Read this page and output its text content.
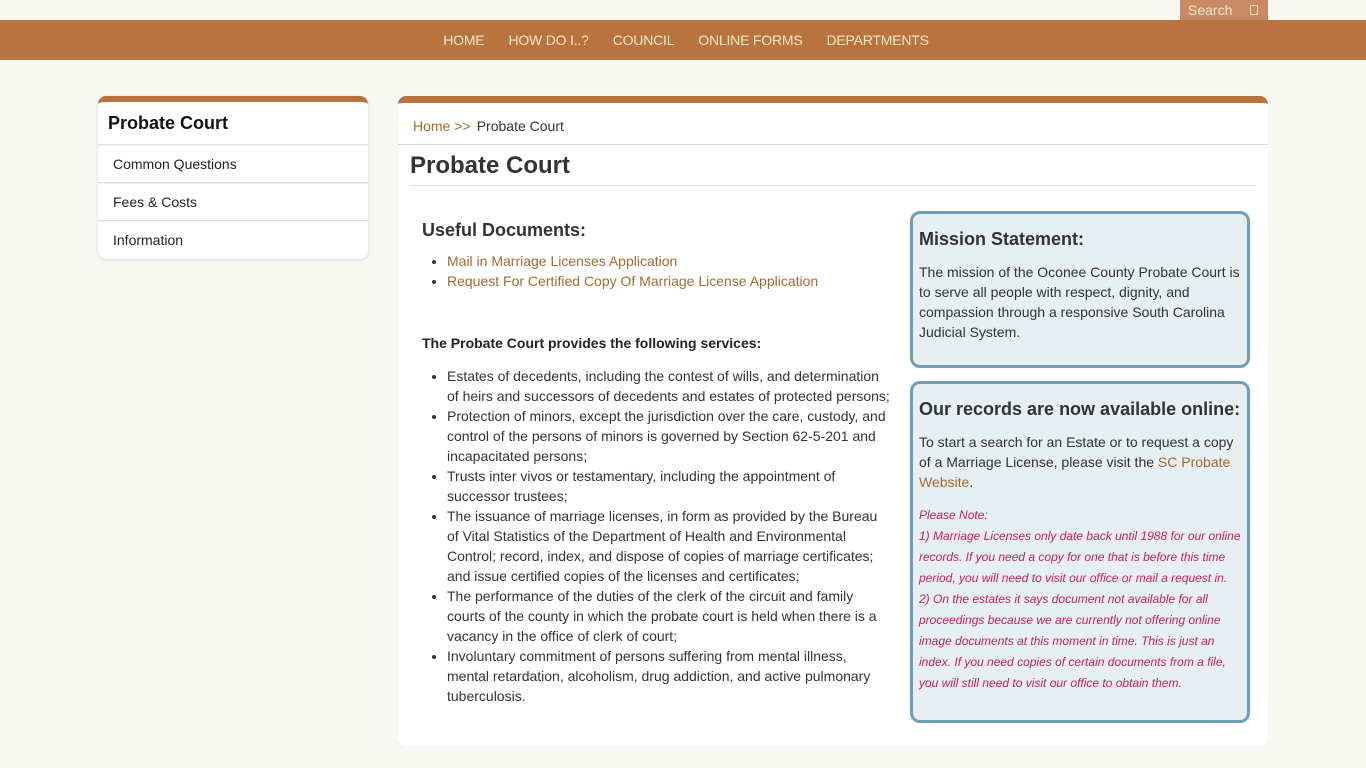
Search
HOME	HOW DO I..?	COUNCIL	ONLINE FORMS	DEPARTMENTS
Probate Court
Common Questions
Fees & Costs
Information
Home >> Probate Court
Probate Court
Useful Documents:
• Mail in Marriage Licenses Application
• Request For Certified Copy Of Marriage License Application

The Probate Court provides the following services:

• Estates of decedents, including the contest of wills, and determination of heirs and successors of decedents and estates of protected persons;
• Protection of minors, except the jurisdiction over the care, custody, and control of the persons of minors is governed by Section 62-5-201 and incapacitated persons;
• Trusts inter vivos or testamentary, including the appointment of successor trustees;
• The issuance of marriage licenses, in form as provided by the Bureau of Vital Statistics of the Department of Health and Environmental Control; record, index, and dispose of copies of marriage certificates; and issue certified copies of the licenses and certificates;
• The performance of the duties of the clerk of the circuit and family courts of the county in which the probate court is held when there is a vacancy in the office of clerk of court;
• Involuntary commitment of persons suffering from mental illness, mental retardation, alcoholism, drug addiction, and active pulmonary tuberculosis.
Mission Statement:

The mission of the Oconee County Probate Court is to serve all people with respect, dignity, and compassion through a responsive South Carolina Judicial System.

Our records are now available online:

To start a search for an Estate or to request a copy of a Marriage License, please visit the SC Probate Website.

Please Note:
1) Marriage Licenses only date back until 1988 for our online records. If you need a copy for one that is before this time period, you will need to visit our office or mail a request in.
2) On the estates it says document not available for all proceedings because we are currently not offering online image documents at this moment in time. This is just an index. If you need copies of certain documents from a file, you will still need to visit our office to obtain them.
